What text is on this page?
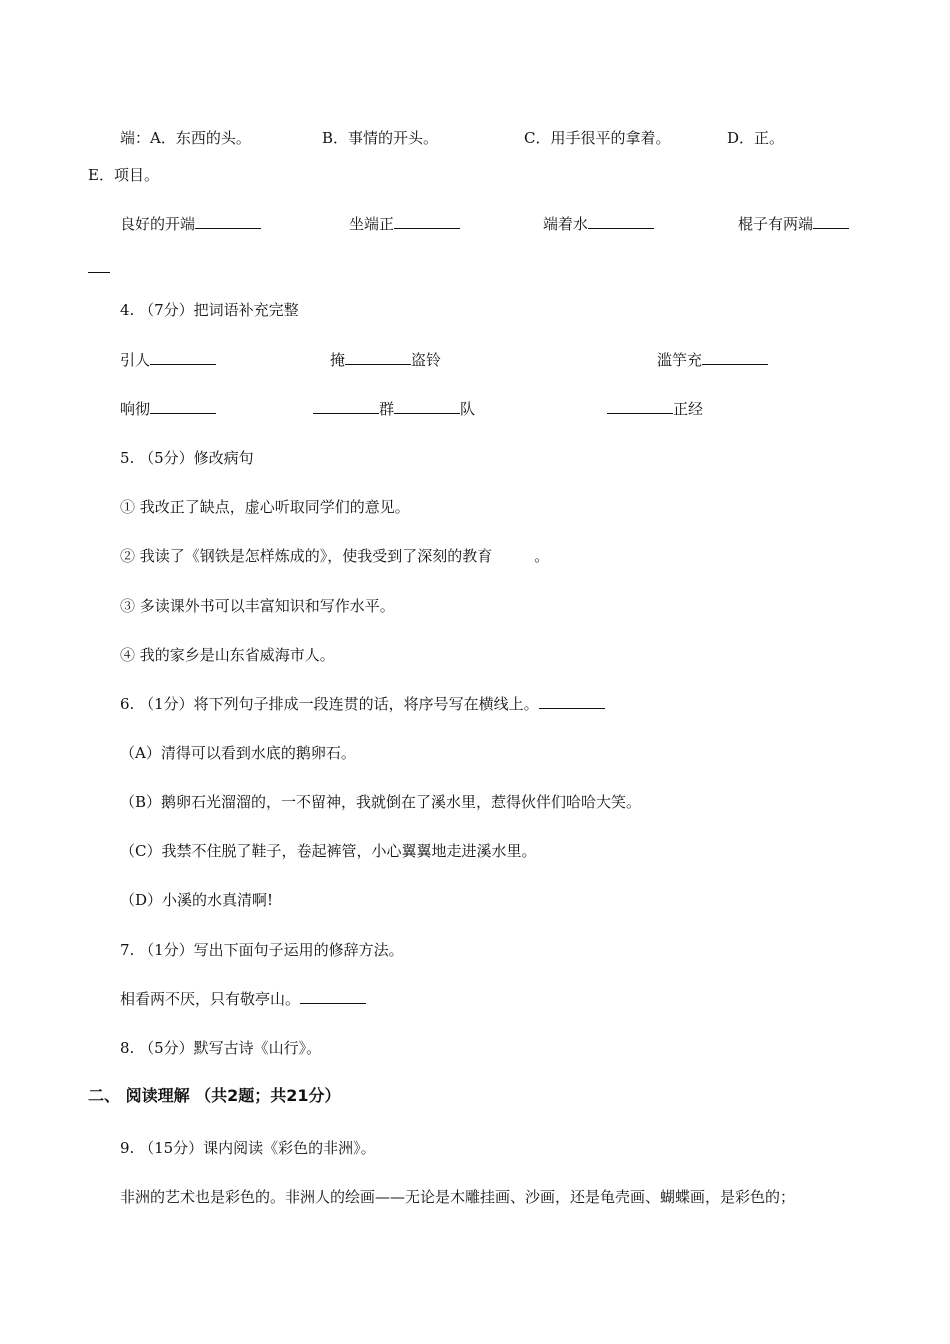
端：A．东西的头。	B．事情的开头。	C．用手很平的拿着。	D．正。
E．项目。
良好的开端	坐端正	端着水	棍子有两端
4. （7分）把词语补充完整
引人	掩	盗铃	滥竽充
响彻	群	队	正经
5. （5分）修改病句
① 我改正了缺点，虚心听取同学们的意见。
② 我读了《钢铁是怎样炼成的》，使我受到了深刻的教育	。
③ 多读课外书可以丰富知识和写作水平。
④ 我的家乡是山东省威海市人。
6. （1分）将下列句子排成一段连贯的话，将序号写在横线上。
（A）清得可以看到水底的鹅卵石。
（B）鹅卵石光溜溜的，一不留神，我就倒在了溪水里，惹得伙伴们哈哈大笑。
（C）我禁不住脱了鞋子，卷起裤管，小心翼翼地走进溪水里。
（D）小溪的水真清啊!
7. （1分）写出下面句子运用的修辞方法。
相看两不厌，只有敬亭山。
8. （5分）默写古诗《山行》。
二、 阅读理解 （共2题；共21分）
9. （15分）课内阅读《彩色的非洲》。
非洲的艺术也是彩色的。非洲人的绘画——无论是木雕挂画、沙画，还是龟壳画、蝴蝶画，是彩色的；
